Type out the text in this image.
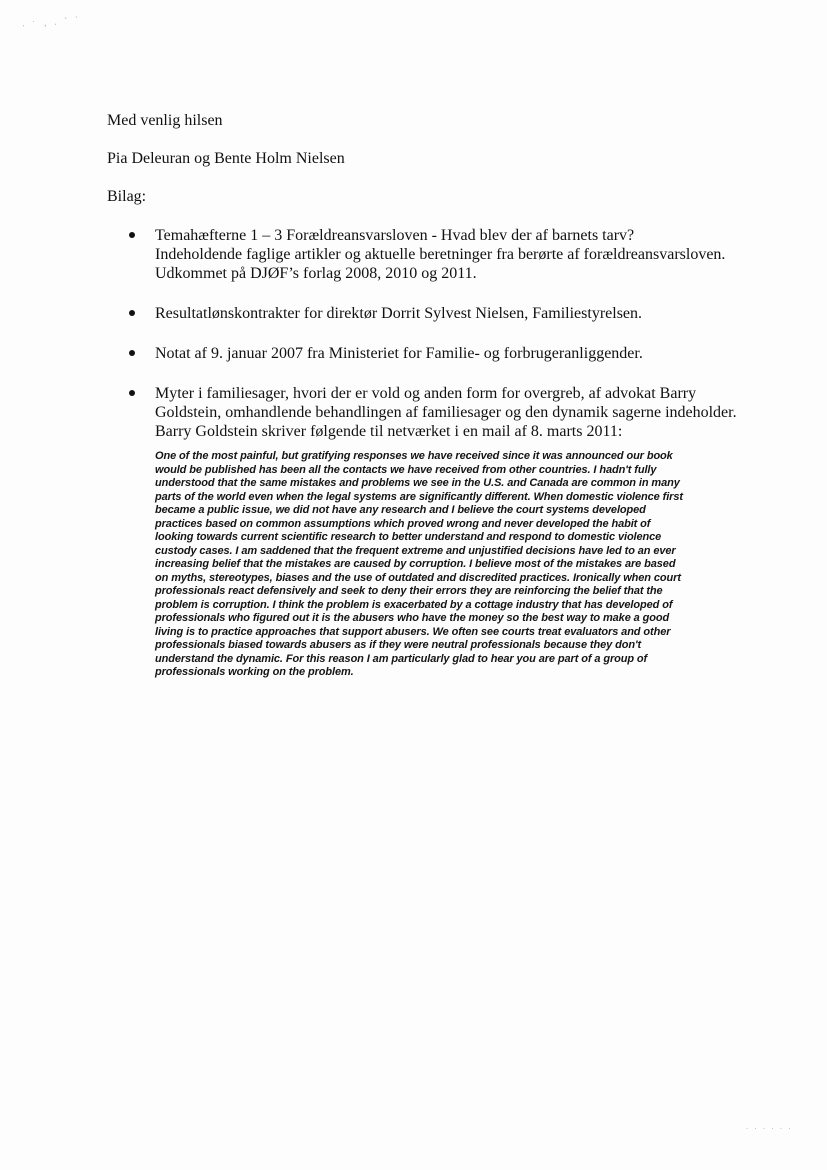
· ˙ , . ` ˋ
. . . . . .
Med venlig hilsen
Pia Deleuran og Bente Holm Nielsen
Bilag:
Temahæfterne 1 – 3 Forældreansvarsloven - Hvad blev der af barnets tarv?
Indeholdende faglige artikler og aktuelle beretninger fra berørte af forældreansvarsloven.
Udkommet på DJØF’s forlag 2008, 2010 og 2011.
Resultatlønskontrakter for direktør Dorrit Sylvest Nielsen, Familiestyrelsen.
Notat af 9. januar 2007 fra Ministeriet for Familie- og forbrugeranliggender.
Myter i familiesager, hvori der er vold og anden form for overgreb, af advokat Barry
Goldstein, omhandlende behandlingen af familiesager og den dynamik sagerne indeholder.
Barry Goldstein skriver følgende til netværket i en mail af 8. marts 2011:
One of the most painful, but gratifying responses we have received since it was announced our book
would be published has been all the contacts we have received from other countries. I hadn't fully
understood that the same mistakes and problems we see in the U.S. and Canada are common in many
parts of the world even when the legal systems are significantly different. When domestic violence first
became a public issue, we did not have any research and I believe the court systems developed
practices based on common assumptions which proved wrong and never developed the habit of
looking towards current scientific research to better understand and respond to domestic violence
custody cases. I am saddened that the frequent extreme and unjustified decisions have led to an ever
increasing belief that the mistakes are caused by corruption. I believe most of the mistakes are based
on myths, stereotypes, biases and the use of outdated and discredited practices. Ironically when court
professionals react defensively and seek to deny their errors they are reinforcing the belief that the
problem is corruption. I think the problem is exacerbated by a cottage industry that has developed of
professionals who figured out it is the abusers who have the money so the best way to make a good
living is to practice approaches that support abusers. We often see courts treat evaluators and other
professionals biased towards abusers as if they were neutral professionals because they don't
understand the dynamic. For this reason I am particularly glad to hear you are part of a group of
professionals working on the problem.
